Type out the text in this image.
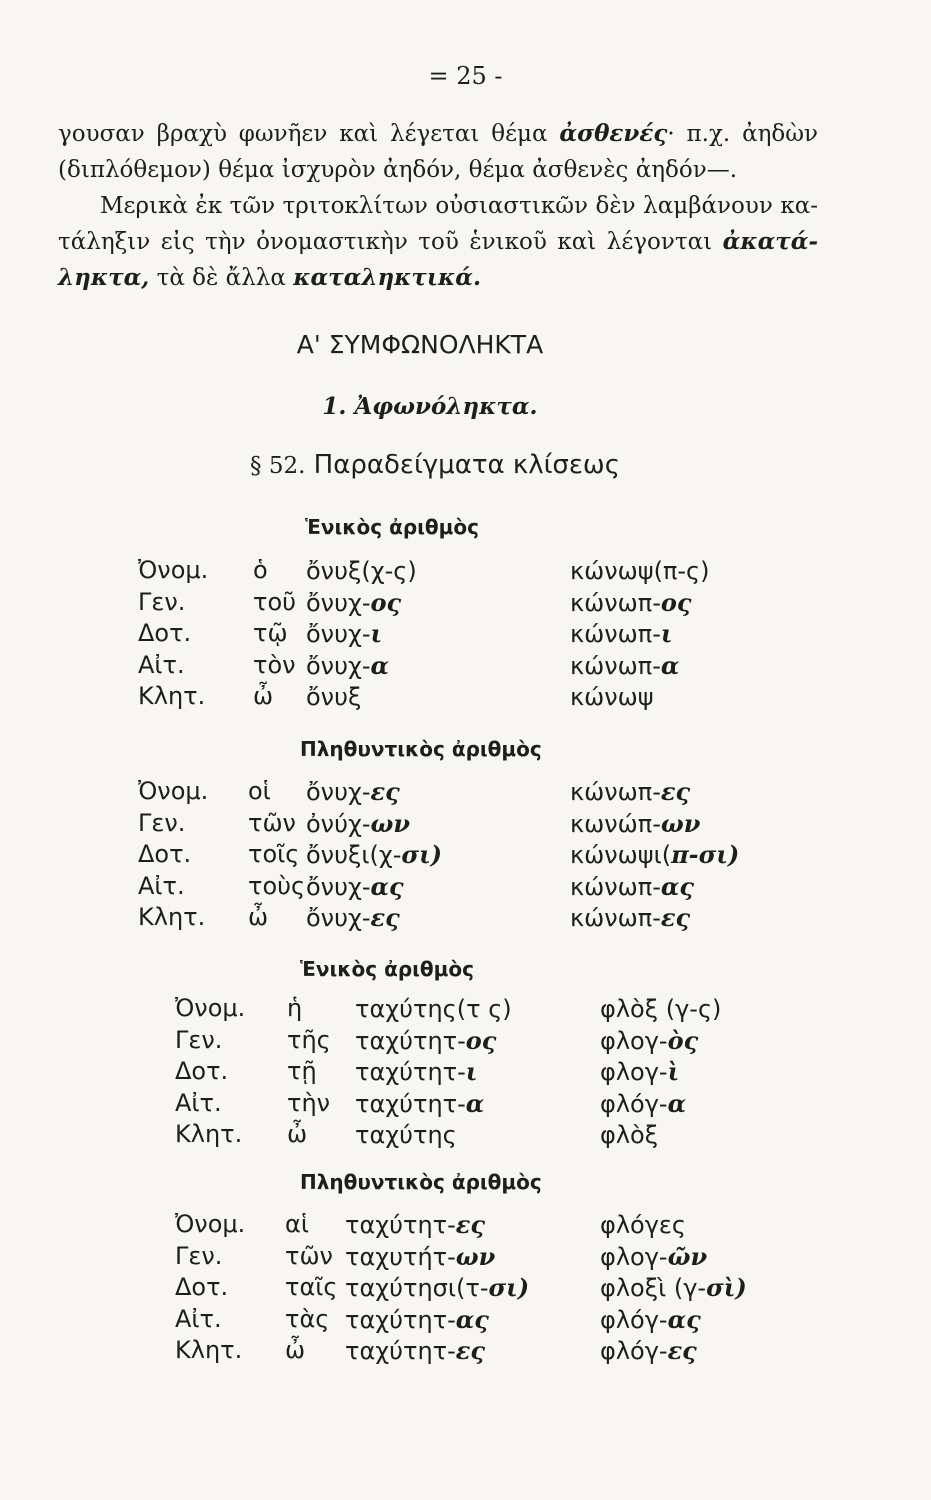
= 25 -

γουσαν βραχὺ φωνῆεν καὶ λέγεται θέμα ἀσθενές· π.χ. ἀηδὼν

(διπλόθεμον) θέμα ἰσχυρὸν ἀηδόν, θέμα ἀσθενὲς ἀηδόν—.

Μερικὰ ἐκ τῶν τριτοκλίτων οὐσιαστικῶν δὲν λαμβάνουν κα-

τάληξιν εἰς τὴν ὀνομαστικὴν τοῦ ἑνικοῦ καὶ λέγονται ἀκατά-

ληκτα, τὰ δὲ ἄλλα καταληκτικά.

Α' ΣΥΜΦΩΝΟΛΗΚΤΑ
1. Ἀφωνόληκτα.
§ 52. Παραδείγματα κλίσεως
Ἑνικὸς ἀριθμὸς
Ὀνομ. ὁ ὄνυξ(χ-ς)	κώνωψ(π-ς)
Γεν.	τοῦ ὄνυχ-ος	κώνωπ-ος
Δοτ.	τῷ ὄνυχ-ι	κώνωπ-ι
Αἰτ.	τὸν ὄνυχ-α	κώνωπ-α
Κλητ. ὦ ὄνυξ	κώνωψ
Πληθυντικὸς ἀριθμὸς
Ὀνομ. οἱ ὄνυχ-ες	κώνωπ-ες
Γεν.	τῶν ὀνύχ-ων	κωνώπ-ων
Δοτ. τοῖς ὄνυξι(χ-σι)	κώνωψι(π-σι)
Αἰτ.	τοὺς ὄνυχ-ας	κώνωπ-ας
Κλητ. ὦ ὄνυχ-ες	κώνωπ-ες
Ἑνικὸς ἀριθμὸς
Ὀνομ. ἡ ταχύτης(τ ς)	φλὸξ (γ-ς)
Γεν.	τῆς ταχύτητ-ος	φλογ-ὸς
Δοτ. τῇ ταχύτητ-ι	φλογ-ὶ
Αἰτ.	τὴν ταχύτητ-α	φλόγ-α
Κλητ. ὦ ταχύτης	φλὸξ
Πληθυντικὸς ἀριθμὸς
Ὀνομ. αἱ ταχύτητ-ες	φλόγες
Γεν.	τῶν ταχυτήτ-ων	φλογ-ῶν
Δοτ. ταῖς ταχύτησι(τ-σι)	φλοξὶ (γ-σὶ)
Αἰτ.	τὰς ταχύτητ-ας	φλόγ-ας
Κλητ. ὦ ταχύτητ-ες	φλόγ-ες
